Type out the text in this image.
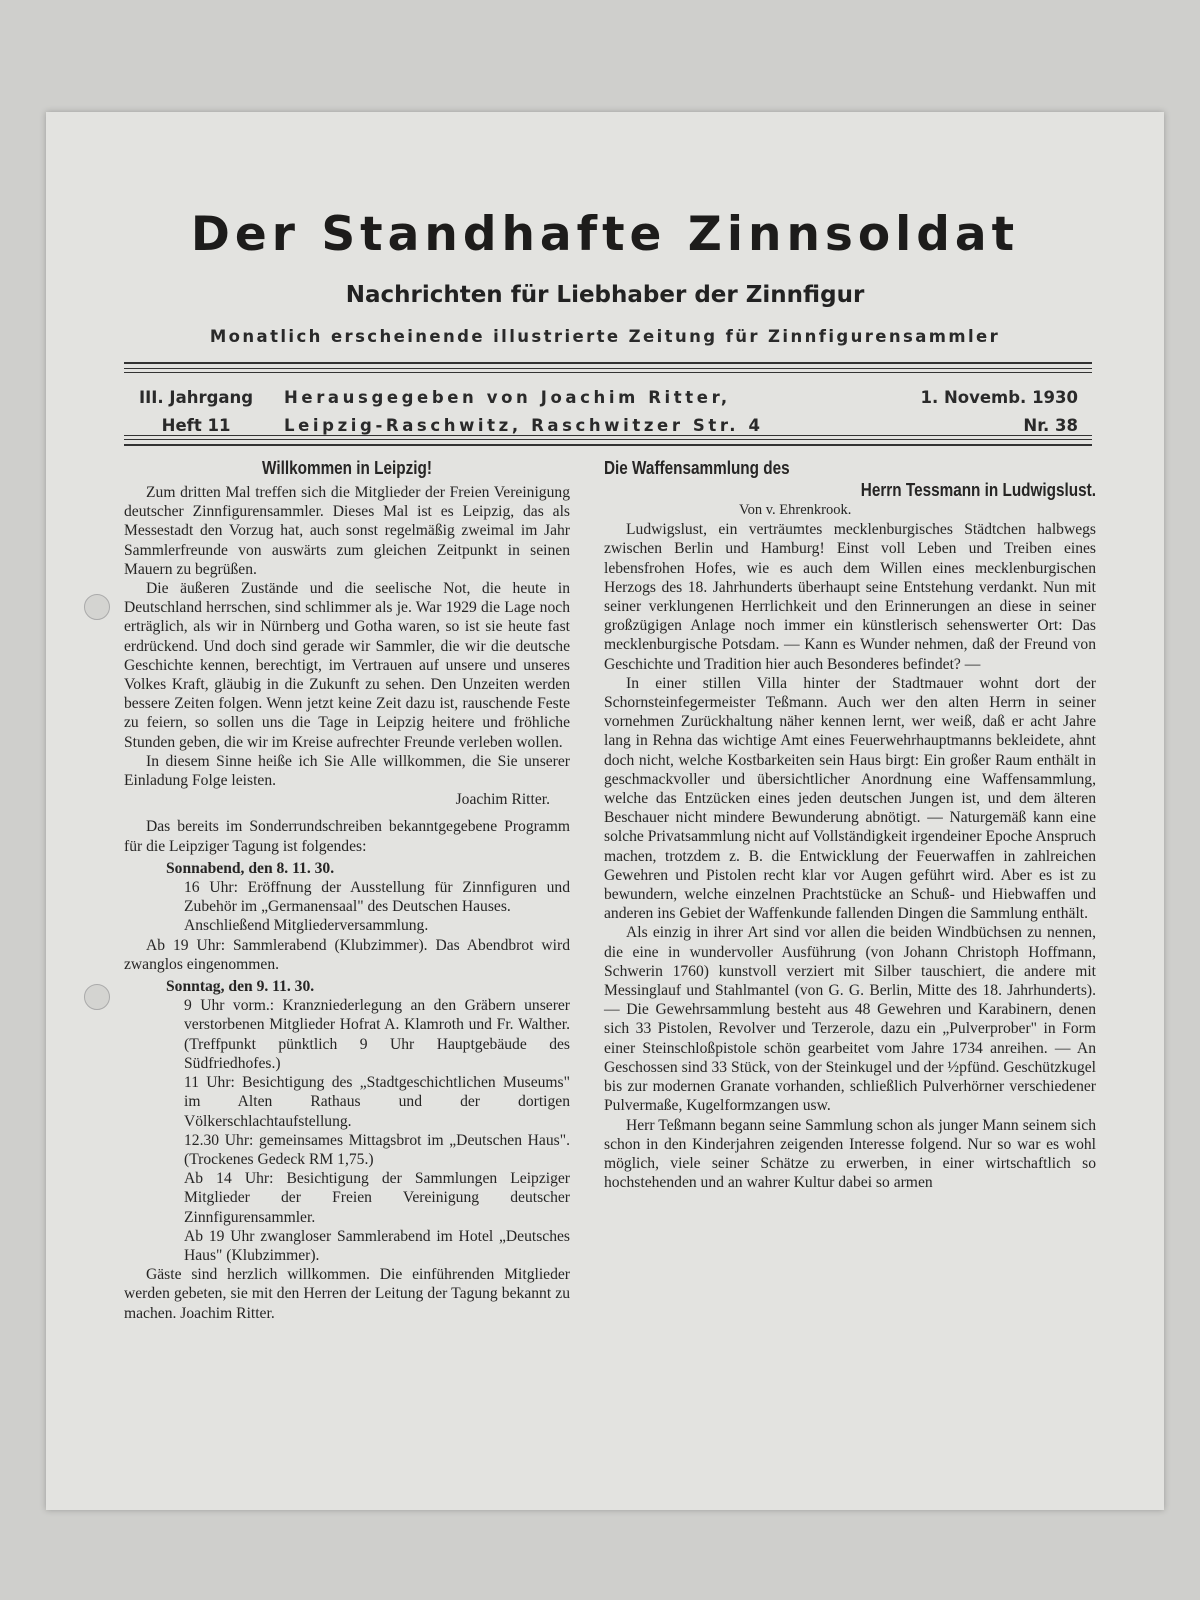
Der Standhafte Zinnsoldat
Nachrichten für Liebhaber der Zinnfigur
Monatlich erscheinende illustrierte Zeitung für Zinnfigurensammler
III. Jahrgang
Heft 11
Herausgegeben von Joachim Ritter,
Leipzig-Raschwitz, Raschwitzer Str. 4
1. Novemb. 1930
Nr. 38
Willkommen in Leipzig!

Zum dritten Mal treffen sich die Mitglieder der Freien Vereinigung deutscher Zinnfigurensammler. Dieses Mal ist es Leipzig, das als Messestadt den Vorzug hat, auch sonst regelmäßig zweimal im Jahr Sammlerfreunde von auswärts zum gleichen Zeitpunkt in seinen Mauern zu begrüßen.

Die äußeren Zustände und die seelische Not, die heute in Deutschland herrschen, sind schlimmer als je. War 1929 die Lage noch erträglich, als wir in Nürnberg und Gotha waren, so ist sie heute fast erdrückend. Und doch sind gerade wir Sammler, die wir die deutsche Geschichte kennen, berechtigt, im Vertrauen auf unsere und unseres Volkes Kraft, gläubig in die Zukunft zu sehen. Den Unzeiten werden bessere Zeiten folgen. Wenn jetzt keine Zeit dazu ist, rauschende Feste zu feiern, so sollen uns die Tage in Leipzig heitere und fröhliche Stunden geben, die wir im Kreise aufrechter Freunde verleben wollen.

In diesem Sinne heiße ich Sie Alle willkommen, die Sie unserer Einladung Folge leisten.

Joachim Ritter.

Das bereits im Sonderrundschreiben bekanntgegebene Programm für die Leipziger Tagung ist folgendes:

Sonnabend, den 8. 11. 30.
16 Uhr: Eröffnung der Ausstellung für Zinnfiguren und Zubehör im „Germanensaal" des Deutschen Hauses.
Anschließend Mitgliederversammlung.

Ab 19 Uhr: Sammlerabend (Klubzimmer). Das Abendbrot wird zwanglos eingenommen.

Sonntag, den 9. 11. 30.
9 Uhr vorm.: Kranzniederlegung an den Gräbern unserer verstorbenen Mitglieder Hofrat A. Klamroth und Fr. Walther. (Treffpunkt pünktlich 9 Uhr Hauptgebäude des Südfriedhofes.)
11 Uhr: Besichtigung des „Stadtgeschichtlichen Museums" im Alten Rathaus und der dortigen Völkerschlachtaufstellung.
12.30 Uhr: gemeinsames Mittagsbrot im „Deutschen Haus". (Trockenes Gedeck RM 1,75.)
Ab 14 Uhr: Besichtigung der Sammlungen Leipziger Mitglieder der Freien Vereinigung deutscher Zinnfigurensammler.
Ab 19 Uhr zwangloser Sammlerabend im Hotel „Deutsches Haus" (Klubzimmer).

Gäste sind herzlich willkommen. Die einführenden Mitglieder werden gebeten, sie mit den Herren der Leitung der Tagung bekannt zu machen. Joachim Ritter.

Die Waffensammlung des
Herrn Tessmann in Ludwigslust.
Von v. Ehrenkrook.

Ludwigslust, ein verträumtes mecklenburgisches Städtchen halbwegs zwischen Berlin und Hamburg! Einst voll Leben und Treiben eines lebensfrohen Hofes, wie es auch dem Willen eines mecklenburgischen Herzogs des 18. Jahrhunderts überhaupt seine Entstehung verdankt. Nun mit seiner verklungenen Herrlichkeit und den Erinnerungen an diese in seiner großzügigen Anlage noch immer ein künstlerisch sehenswerter Ort: Das mecklenburgische Potsdam. — Kann es Wunder nehmen, daß der Freund von Geschichte und Tradition hier auch Besonderes befindet? —

In einer stillen Villa hinter der Stadtmauer wohnt dort der Schornsteinfegermeister Teßmann. Auch wer den alten Herrn in seiner vornehmen Zurückhaltung näher kennen lernt, wer weiß, daß er acht Jahre lang in Rehna das wichtige Amt eines Feuerwehrhauptmanns bekleidete, ahnt doch nicht, welche Kostbarkeiten sein Haus birgt: Ein großer Raum enthält in geschmackvoller und übersichtlicher Anordnung eine Waffensammlung, welche das Entzücken eines jeden deutschen Jungen ist, und dem älteren Beschauer nicht mindere Bewunderung abnötigt. — Naturgemäß kann eine solche Privatsammlung nicht auf Vollständigkeit irgendeiner Epoche Anspruch machen, trotzdem z. B. die Entwicklung der Feuerwaffen in zahlreichen Gewehren und Pistolen recht klar vor Augen geführt wird. Aber es ist zu bewundern, welche einzelnen Prachtstücke an Schuß- und Hiebwaffen und anderen ins Gebiet der Waffenkunde fallenden Dingen die Sammlung enthält.

Als einzig in ihrer Art sind vor allen die beiden Windbüchsen zu nennen, die eine in wundervoller Ausführung (von Johann Christoph Hoffmann, Schwerin 1760) kunstvoll verziert mit Silber tauschiert, die andere mit Messinglauf und Stahlmantel (von G. G. Berlin, Mitte des 18. Jahrhunderts). — Die Gewehrsammlung besteht aus 48 Gewehren und Karabinern, denen sich 33 Pistolen, Revolver und Terzerole, dazu ein „Pulverprober" in Form einer Steinschloßpistole schön gearbeitet vom Jahre 1734 anreihen. — An Geschossen sind 33 Stück, von der Steinkugel und der ½pfünd. Geschützkugel bis zur modernen Granate vorhanden, schließlich Pulverhörner verschiedener Pulvermaße, Kugelformzangen usw.

Herr Teßmann begann seine Sammlung schon als junger Mann seinem sich schon in den Kinderjahren zeigenden Interesse folgend. Nur so war es wohl möglich, viele seiner Schätze zu erwerben, in einer wirtschaftlich so hochstehenden und an wahrer Kultur dabei so armen
